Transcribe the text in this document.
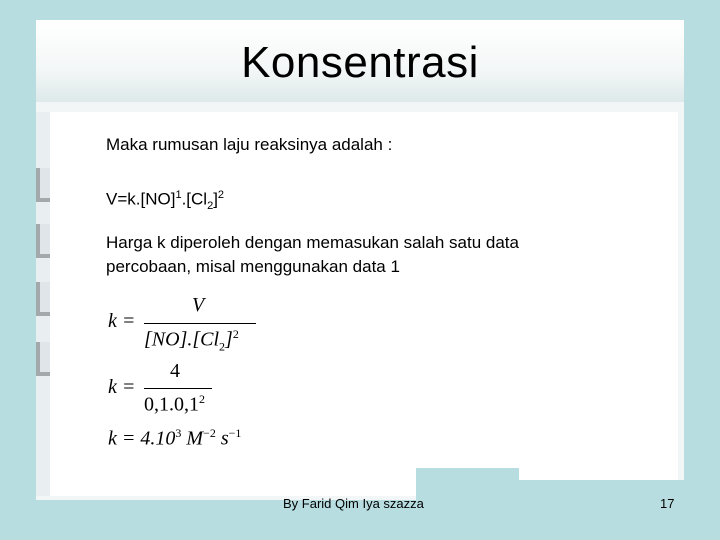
Konsentrasi
Maka rumusan laju reaksinya adalah :
$V=k.[NO]^1.[Cl_2]^2$
Harga k diperoleh dengan memasukan salah satu data
percobaan, misal menggunakan data 1
k =
V
$[NO].[Cl_2]^2$
k =
4
0,1.0,1$^2$
$k = 4.10^3$ $M^{-2}$ $s^{-1}$
By Farid Qim Iya szazza	17
